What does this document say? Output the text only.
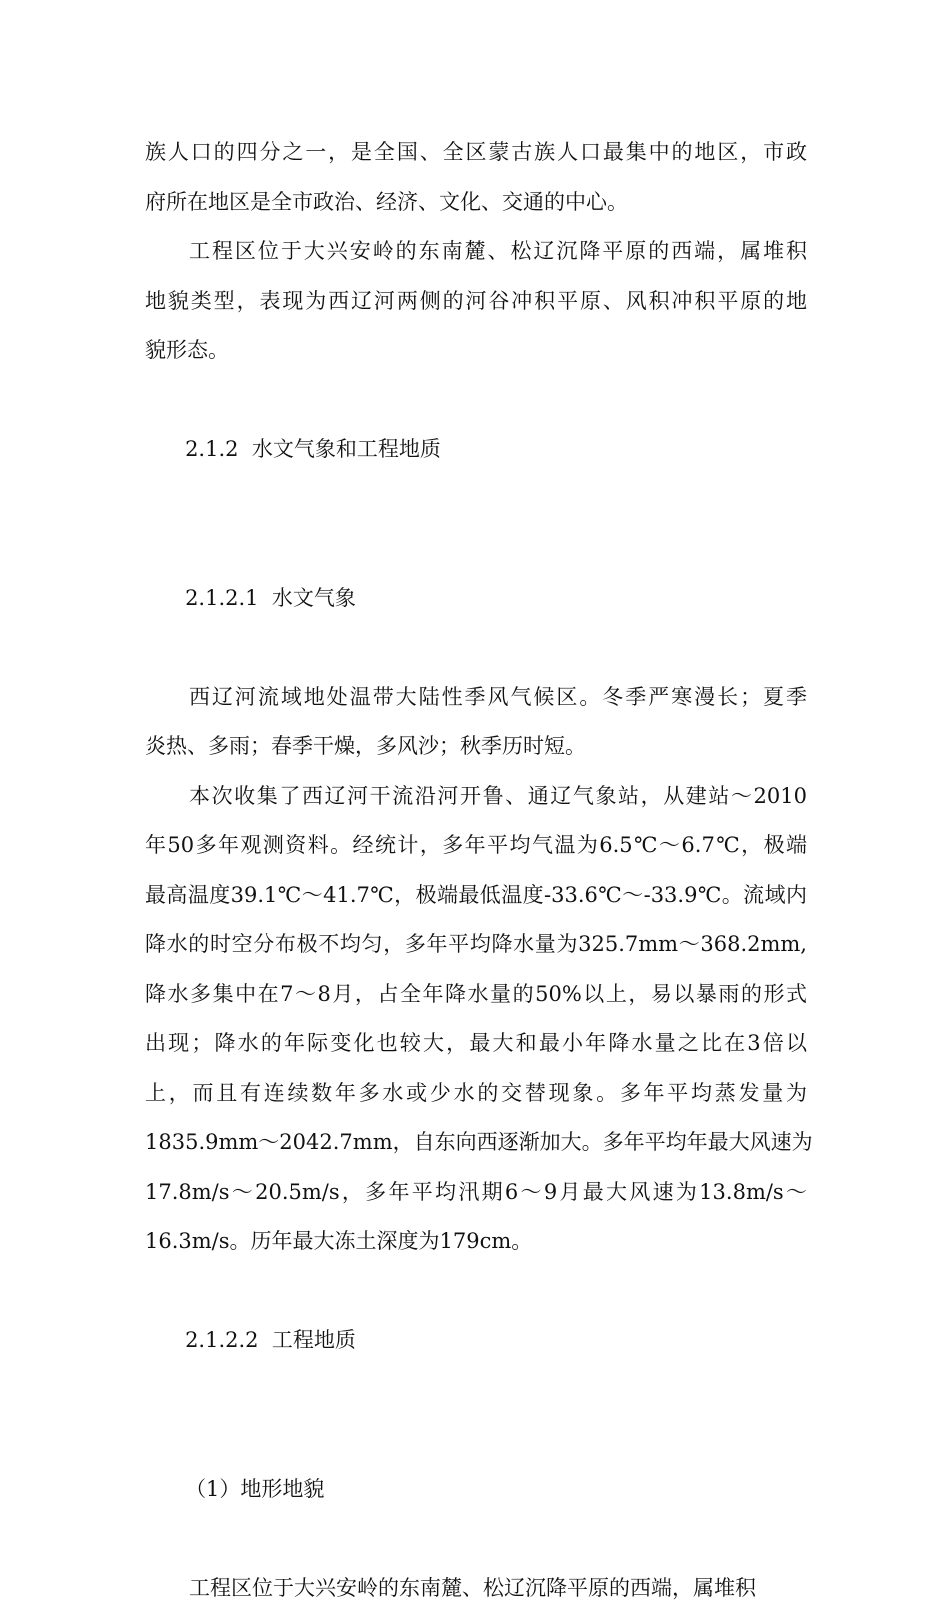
族人口的四分之一，是全国、全区蒙古族人口最集中的地区，市政
府所在地区是全市政治、经济、文化、交通的中心。
工程区位于大兴安岭的东南麓、松辽沉降平原的西端，属堆积
地貌类型，表现为西辽河两侧的河谷冲积平原、风积冲积平原的地
貌形态。

2.1.2  水文气象和工程地质

2.1.2.1  水文气象

西辽河流域地处温带大陆性季风气候区。冬季严寒漫长；夏季
炎热、多雨；春季干燥，多风沙；秋季历时短。
本次收集了西辽河干流沿河开鲁、通辽气象站，从建站～2010
年50多年观测资料。经统计，多年平均气温为6.5℃～6.7℃，极端
最高温度39.1℃～41.7℃，极端最低温度-33.6℃～-33.9℃。流域内
降水的时空分布极不均匀，多年平均降水量为325.7mm～368.2mm,
降水多集中在7～8月，占全年降水量的50%以上，易以暴雨的形式
出现；降水的年际变化也较大，最大和最小年降水量之比在3倍以
上，而且有连续数年多水或少水的交替现象。多年平均蒸发量为
1835.9mm～2042.7mm，自东向西逐渐加大。多年平均年最大风速为
17.8m/s～20.5m/s，多年平均汛期6～9月最大风速为13.8m/s～
16.3m/s。历年最大冻土深度为179cm。

2.1.2.2  工程地质

（1）地形地貌

工程区位于大兴安岭的东南麓、松辽沉降平原的西端，属堆积
